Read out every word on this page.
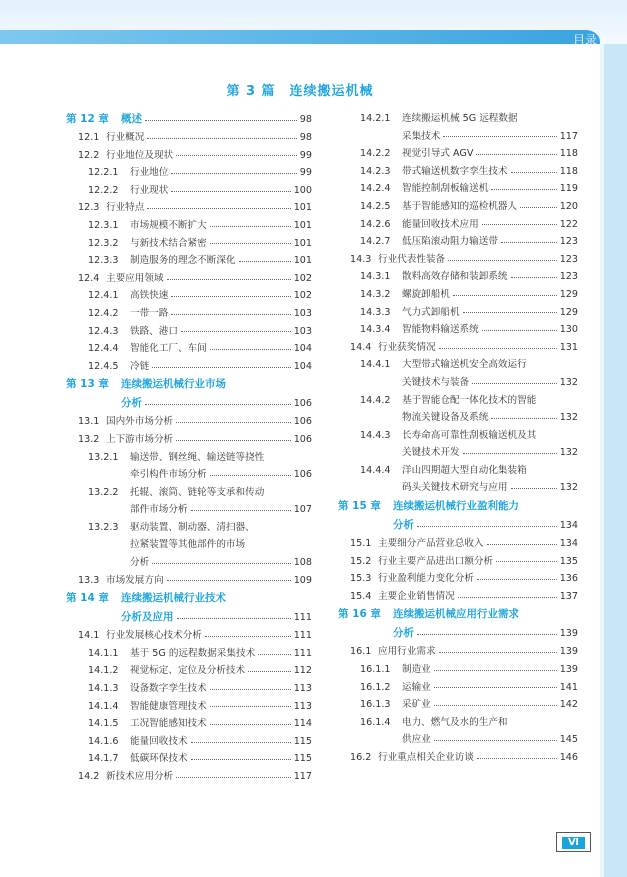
目录
第 3 篇　连续搬运机械
第 12 章	概述	98
12.1 行业概况	98
12.2 行业地位及现状	99
12.2.1	行业地位	99
12.2.2	行业现状	100
12.3 行业特点	101
12.3.1	市场规模不断扩大	101
12.3.2	与新技术结合紧密	101
12.3.3	制造服务的理念不断深化	101
12.4 主要应用领域	102
12.4.1	高铁快速	102
12.4.2	一带一路	103
12.4.3	铁路、港口	103
12.4.4	智能化工厂、车间	104
12.4.5	冷链	104
第 13 章	连续搬运机械行业市场
分析	106
13.1 国内外市场分析	106
13.2 上下游市场分析	106
13.2.1	输送带、钢丝绳、输送链等挠性
牵引构件市场分析	106
13.2.2	托辊、滚筒、链轮等支承和传动
部件市场分析	107
13.2.3	驱动装置、制动器、清扫器、
拉紧装置等其他部件的市场
分析	108
13.3 市场发展方向	109
第 14 章	连续搬运机械行业技术
分析及应用	111
14.1 行业发展核心技术分析	111
14.1.1	基于 5G 的远程数据采集技术	111
14.1.2	视觉标定、定位及分析技术	112
14.1.3	设备数字孪生技术	113
14.1.4	智能健康管理技术	113
14.1.5	工况智能感知技术	114
14.1.6	能量回收技术	115
14.1.7	低碳环保技术	115
14.2 新技术应用分析	117
14.2.1	连续搬运机械 5G 远程数据
采集技术	117
14.2.2	视觉引导式 AGV	118
14.2.3	带式输送机数字孪生技术	118
14.2.4	智能控制刮板输送机	119
14.2.5	基于智能感知的巡检机器人	120
14.2.6	能量回收技术应用	122
14.2.7	低压陷滚动阻力输送带	123
14.3 行业代表性装备	123
14.3.1	散料高效存储和装卸系统	123
14.3.2	螺旋卸船机	129
14.3.3	气力式卸船机	129
14.3.4	智能物料输送系统	130
14.4 行业获奖情况	131
14.4.1	大型带式输送机安全高效运行
关键技术与装备	132
14.4.2	基于智能仓配一体化技术的智能
物流关键设备及系统	132
14.4.3	长寿命高可靠性刮板输送机及其
关键技术开发	132
14.4.4	洋山四期超大型自动化集装箱
码头关键技术研究与应用	132
第 15 章	连续搬运机械行业盈利能力
分析	134
15.1 主要细分产品营业总收入	134
15.2 行业主要产品进出口额分析	135
15.3 行业盈利能力变化分析	136
15.4 主要企业销售情况	137
第 16 章	连续搬运机械应用行业需求
分析	139
16.1 应用行业需求	139
16.1.1	制造业	139
16.1.2	运输业	141
16.1.3	采矿业	142
16.1.4	电力、燃气及水的生产和
供应业	145
16.2 行业重点相关企业访谈	146
Ⅵ
